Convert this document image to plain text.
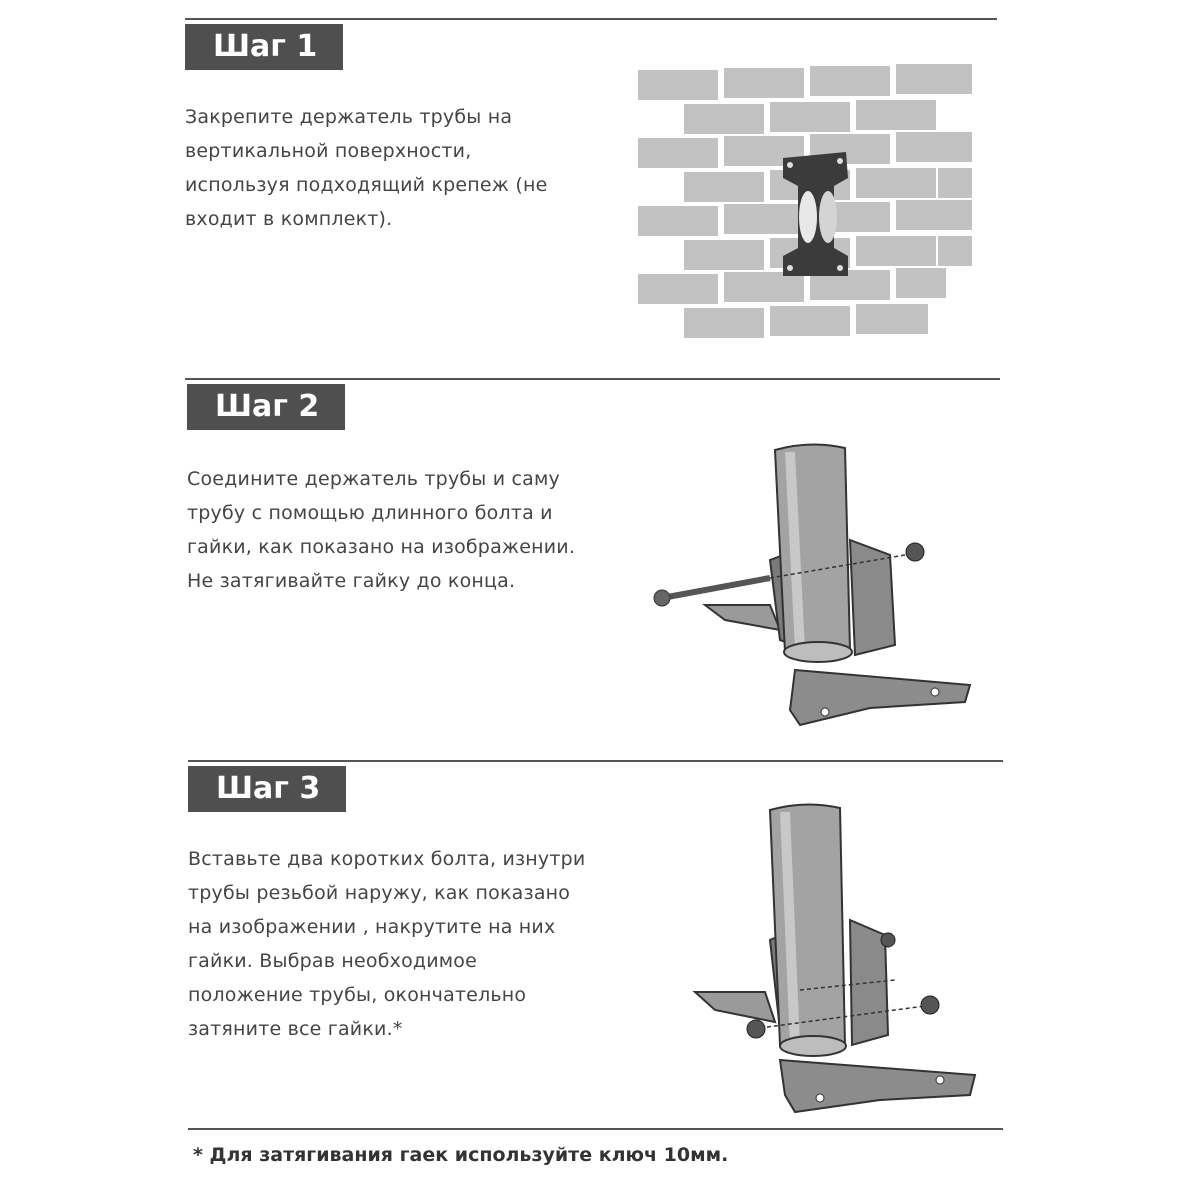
Шаг 1
Закрепите держатель трубы на
вертикальной поверхности,
используя подходящий крепеж (не
входит в комплект).
Шаг 2
Соедините держатель трубы и саму
трубу с помощью длинного болта и
гайки, как показано на изображении.
Не затягивайте гайку до конца.
Шаг 3
Вставьте два коротких болта, изнутри
трубы резьбой наружу, как показано
на изображении , накрутите на них
гайки. Выбрав необходимое
положение трубы, окончательно
затяните все гайки.*
* Для затягивания гаек используйте ключ 10мм.
